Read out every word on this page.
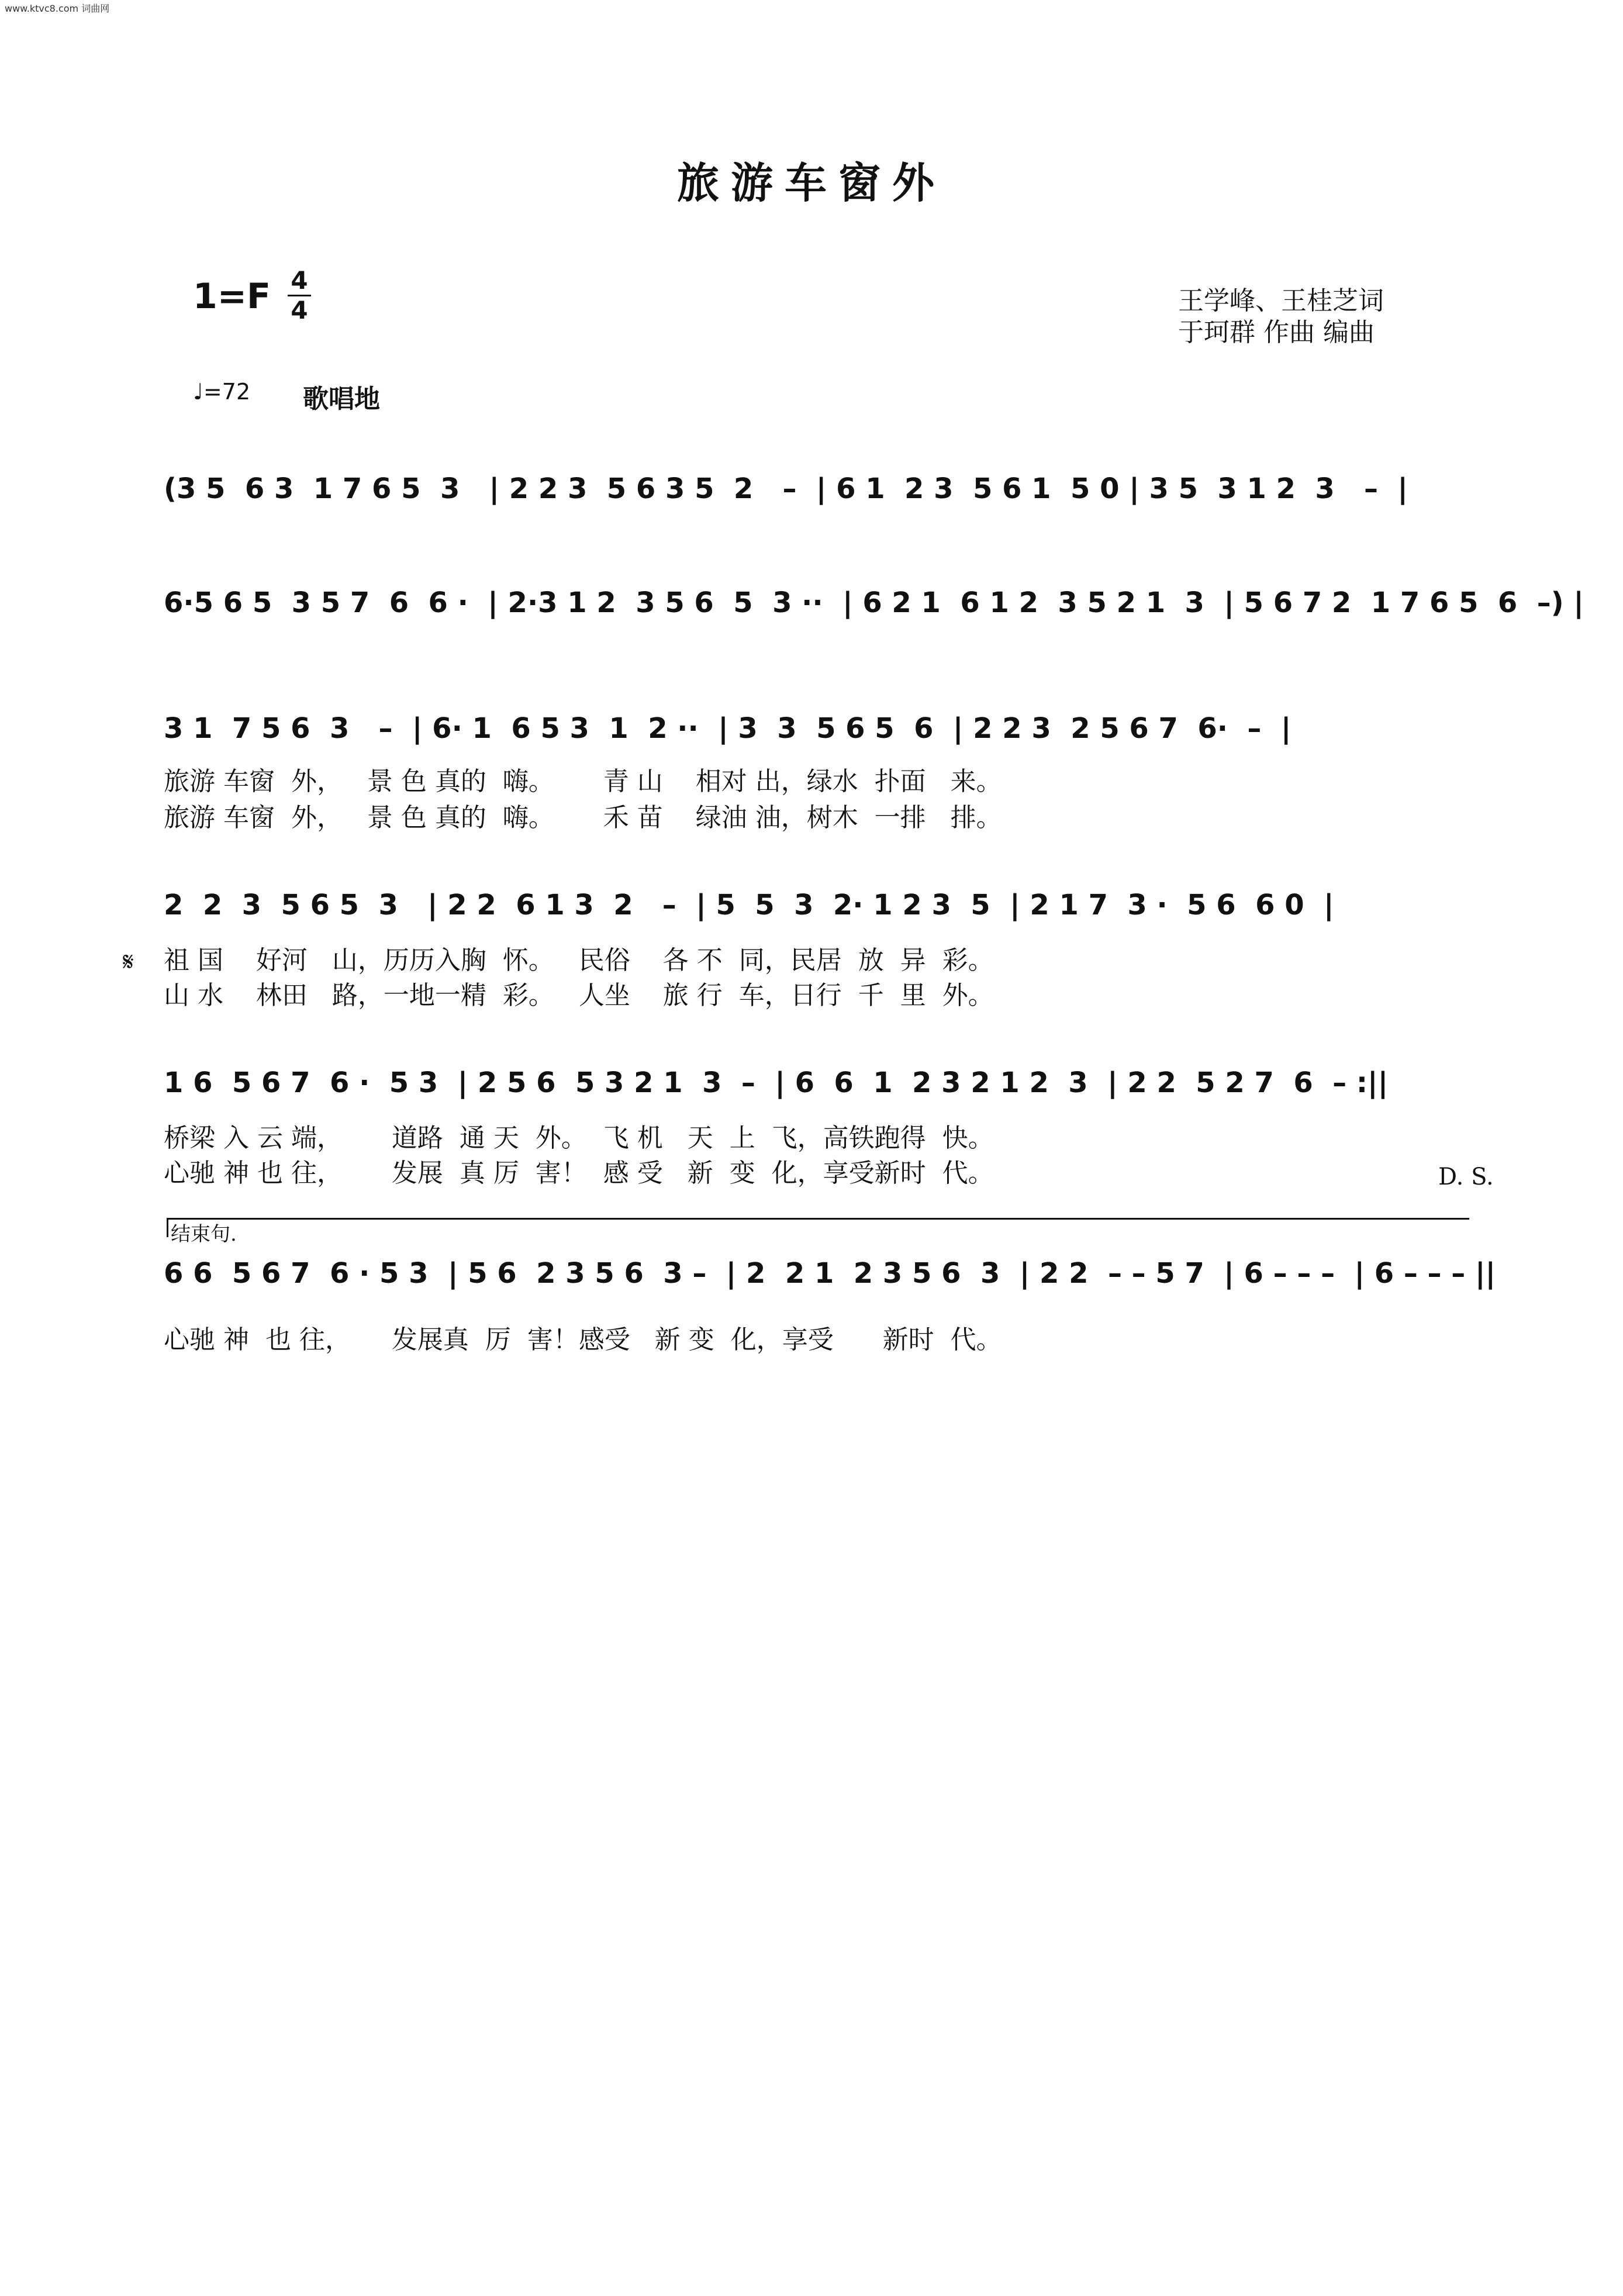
www.ktvc8.com 词曲网
旅游车窗外
1=F 4
4	王学峰、王桂芝词
于珂群 作曲 编曲
♩=72 歌唱地
(3 5  6 3  1 7 6 5  3   | 2 2 3  5 6 3 5  2   –  | 6 1  2 3  5 6 1  5 0 | 3 5  3 1 2  3   –  |
6·5 6 5  3 5 7  6  6 ·  | 2·3 1 2  3 5 6  5  3 ··  | 6 2 1  6 1 2  3 5 2 1  3  | 5 6 7 2  1 7 6 5  6  –) |
3 1  7 5 6  3   –  | 6· 1  6 5 3  1  2 ··  | 3  3  5 6 5  6  | 2 2 3  2 5 6 7  6·  –  |
旅游 车窗  外，   景 色 真的  嗨。      青 山    相对 出，绿水  扑面   来。
旅游 车窗  外，   景 色 真的  嗨。      禾 苗    绿油 油，树木  一排   排。
𝄋
2  2  3  5 6 5  3   | 2 2  6 1 3  2   –  | 5  5  3  2· 1 2 3  5  | 2 1 7  3 ·  5 6  6 0  |
祖 国    好河   山，历历入胸  怀。   民俗    各 不  同，民居  放  异  彩。
山 水    林田   路，一地一精  彩。   人坐    旅 行  车，日行  千  里  外。
1 6  5 6 7  6 ·  5 3  | 2 5 6  5 3 2 1  3  –  | 6  6  1  2 3 2 1 2  3  | 2 2  5 2 7  6  – :||
桥梁 入 云 端，      道路  通 天  外。  飞 机   天  上  飞，高铁跑得  快。
心驰 神 也 往，      发展  真 厉  害！  感 受   新  变  化，享受新时  代。	D. S.
结束句.
6 6  5 6 7  6 · 5 3  | 5 6  2 3 5 6  3 –  | 2  2 1  2 3 5 6  3  | 2 2  – – 5 7  | 6 – – –  | 6 – – – ||
心驰 神  也 往，     发展真  厉  害！感受   新 变  化，享受      新时  代。
